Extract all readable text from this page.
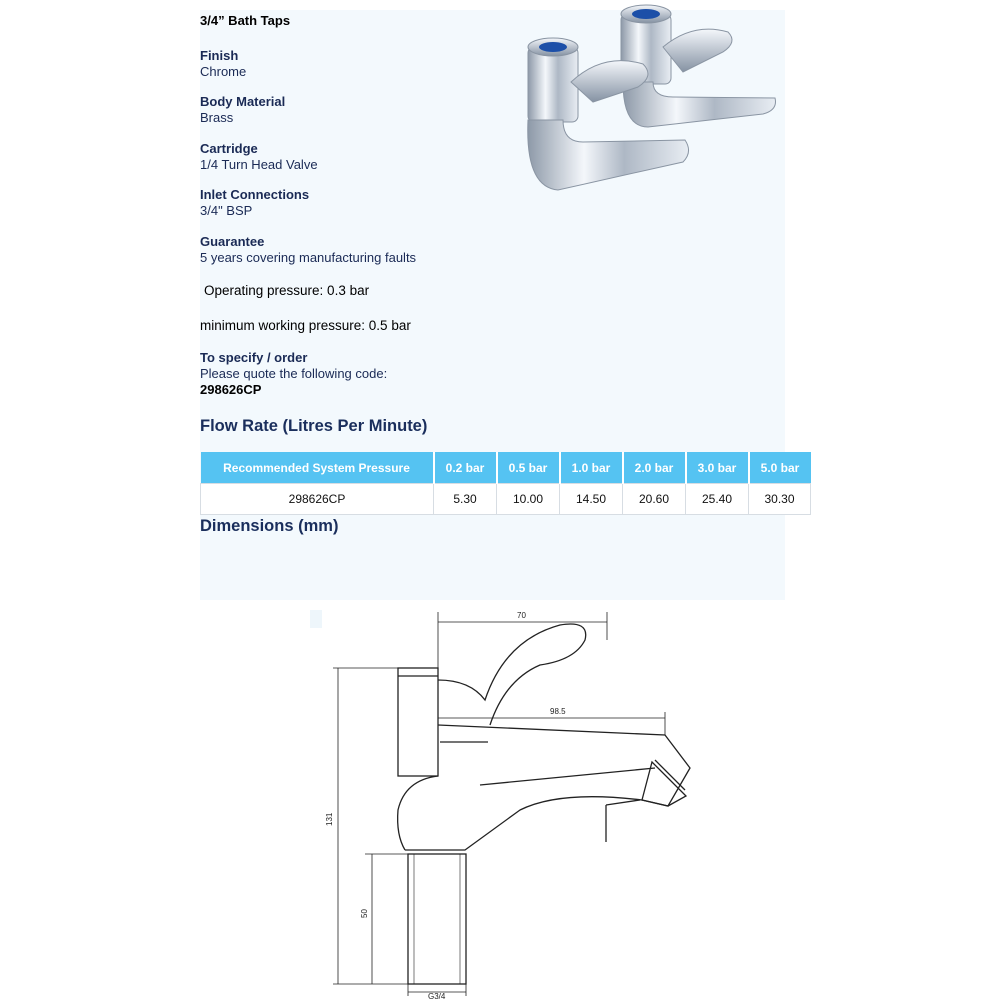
3/4” Bath Taps
Finish
Chrome
Body Material
Brass
Cartridge
1/4 Turn Head Valve
Inlet Connections
3/4" BSP
Guarantee
5 years covering manufacturing faults
Operating pressure: 0.3 bar
minimum working pressure: 0.5 bar
To specify / order
Please quote the following code:
298626CP
Flow Rate (Litres Per Minute)
Recommended System Pressure	0.2 bar	0.5 bar	1.0 bar	2.0 bar	3.0 bar	5.0 bar
298626CP	5.30	10.00	14.50	20.60	25.40	30.30
Dimensions (mm)
70
98.5
131
50
G3/4
